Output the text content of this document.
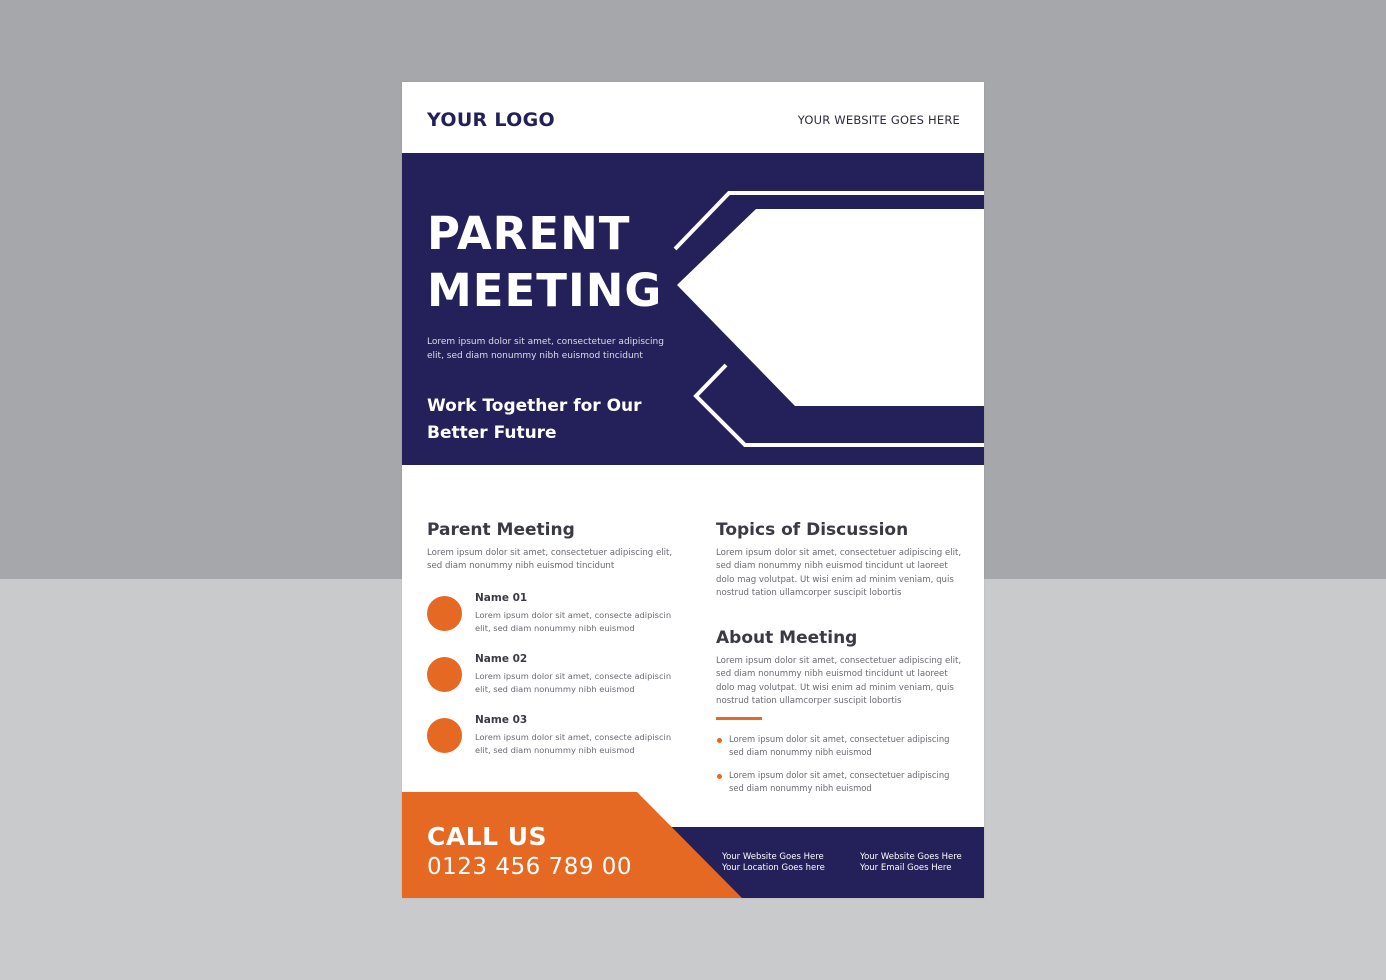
YOUR LOGO	YOUR WEBSITE GOES HERE
PARENT
MEETING
Lorem ipsum dolor sit amet, consectetuer adipiscing elit, sed diam nonummy nibh euismod tincidunt
Work Together for Our Better Future
Parent Meeting

Lorem ipsum dolor sit amet, consectetuer adipiscing elit, sed diam nonummy nibh euismod tincidunt

Name 01
Lorem ipsum dolor sit amet, consecte adipiscin elit, sed diam nonummy nibh euismod
Name 02
Lorem ipsum dolor sit amet, consecte adipiscin elit, sed diam nonummy nibh euismod
Name 03
Lorem ipsum dolor sit amet, consecte adipiscin elit, sed diam nonummy nibh euismod
Topics of Discussion

Lorem ipsum dolor sit amet, consectetuer adipiscing elit, sed diam nonummy nibh euismod tincidunt ut laoreet dolo mag volutpat. Ut wisi enim ad minim veniam, quis nostrud tation ullamcorper suscipit lobortis

About Meeting

Lorem ipsum dolor sit amet, consectetuer adipiscing elit, sed diam nonummy nibh euismod tincidunt ut laoreet dolo mag volutpat. Ut wisi enim ad minim veniam, quis nostrud tation ullamcorper suscipit lobortis

Lorem ipsum dolor sit amet, consectetuer adipiscing sed diam nonummy nibh euismod
Lorem ipsum dolor sit amet, consectetuer adipiscing sed diam nonummy nibh euismod
CALL US
0123 456 789 00	Your Website Goes Here
Your Location Goes here
Your Website Goes Here
Your Email Goes Here
